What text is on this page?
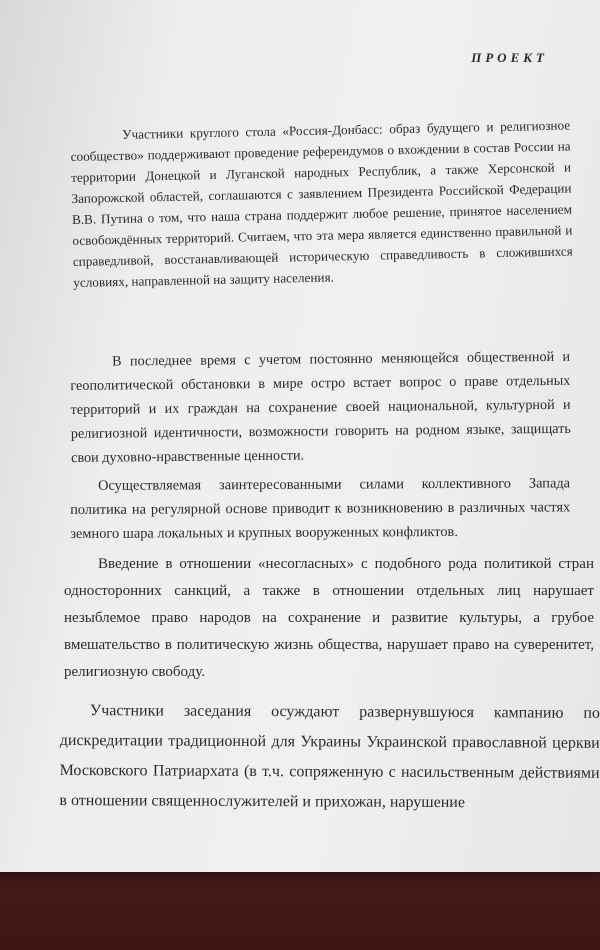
ПРОЕКТ

Участники круглого стола «Россия-Донбасс: образ будущего и религиозное сообщество» поддерживают проведение референдумов о вхождении в состав России на территории Донецкой и Луганской народных Республик, а также Херсонской и Запорожской областей, соглашаются с заявлением Президента Российской Федерации В.В. Путина о том, что наша страна поддержит любое решение, принятое населением освобождённых территорий. Считаем, что эта мера является единственно правильной и справедливой, восстанавливающей историческую справедливость в сложившихся условиях, направленной на защиту населения.

В последнее время с учетом постоянно меняющейся общественной и геополитической обстановки в мире остро встает вопрос о праве отдельных территорий и их граждан на сохранение своей национальной, культурной и религиозной идентичности, возможности говорить на родном языке, защищать свои духовно-нравственные ценности.

Осуществляемая заинтересованными силами коллективного Запада политика на регулярной основе приводит к возникновению в различных частях земного шара локальных и крупных вооруженных конфликтов.

Введение в отношении «несогласных» с подобного рода политикой стран односторонних санкций, а также в отношении отдельных лиц нарушает незыблемое право народов на сохранение и развитие культуры, а грубое вмешательство в политическую жизнь общества, нарушает право на суверенитет, религиозную свободу.

Участники заседания осуждают развернувшуюся кампанию по дискредитации традиционной для Украины Украинской православной церкви Московского Патриархата (в т.ч. сопряженную с насильственным действиями в отношении священнослужителей и прихожан, нарушение
